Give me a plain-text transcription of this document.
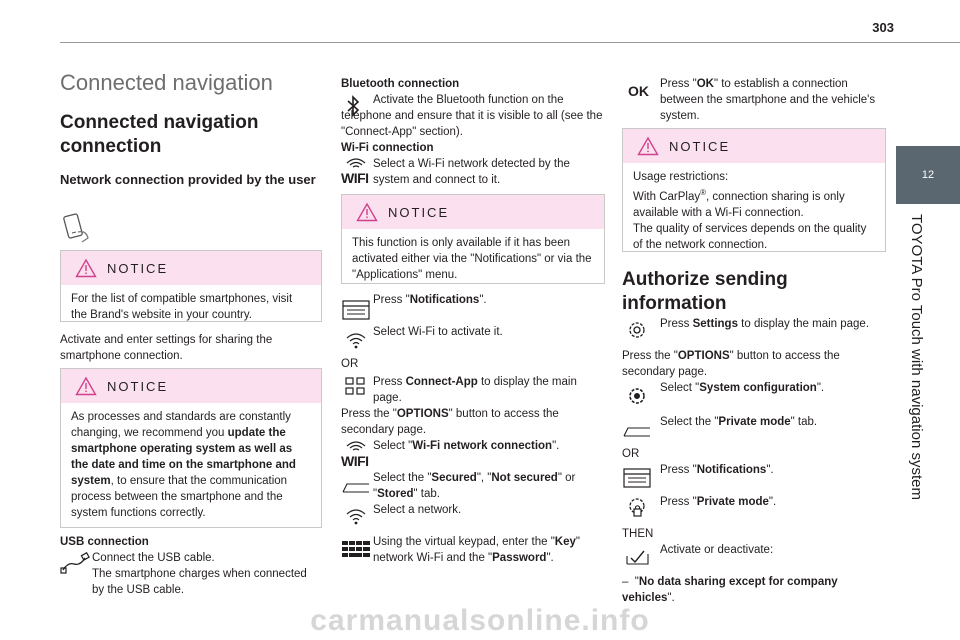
303
12
TOYOTA Pro Touch with navigation system
Connected navigation
Connected navigation connection
Network connection provided by the user
NOTICE
For the list of compatible smartphones, visit the Brand's website in your country.
Activate and enter settings for sharing the smartphone connection.
NOTICE
As processes and standards are constantly changing, we recommend you update the smartphone operating system as well as the date and time on the smartphone and system, to ensure that the communication process between the smartphone and the system functions correctly.
USB connection
Connect the USB cable.
The smartphone charges when connected by the USB cable.
Bluetooth connection
Activate the Bluetooth function on the telephone and ensure that it is visible to all (see the "Connect-App" section).
Wi-Fi connection
WIFI
Select a Wi-Fi network detected by the system and connect to it.
NOTICE
This function is only available if it has been activated either via the "Notifications" or via the "Applications" menu.
Press "Notifications".
Select Wi-Fi to activate it.
OR
Press Connect-App to display the main page.
Press the "OPTIONS" button to access the secondary page.
WIFI
Select "Wi-Fi network connection".
Select the "Secured", "Not secured" or "Stored" tab.
Select a network.
Using the virtual keypad, enter the "Key" network Wi-Fi and the "Password".
OK Press "OK" to establish a connection between the smartphone and the vehicle's system.
NOTICE
Usage restrictions:
With CarPlay®, connection sharing is only available with a Wi-Fi connection.
The quality of services depends on the quality of the network connection.
Authorize sending information
Press Settings to display the main page.
Press the "OPTIONS" button to access the secondary page.
Select "System configuration".
Select the "Private mode" tab.
OR
Press "Notifications".
Press "Private mode".
THEN
Activate or deactivate:
– "No data sharing except for company vehicles".
carmanualsonline.info
